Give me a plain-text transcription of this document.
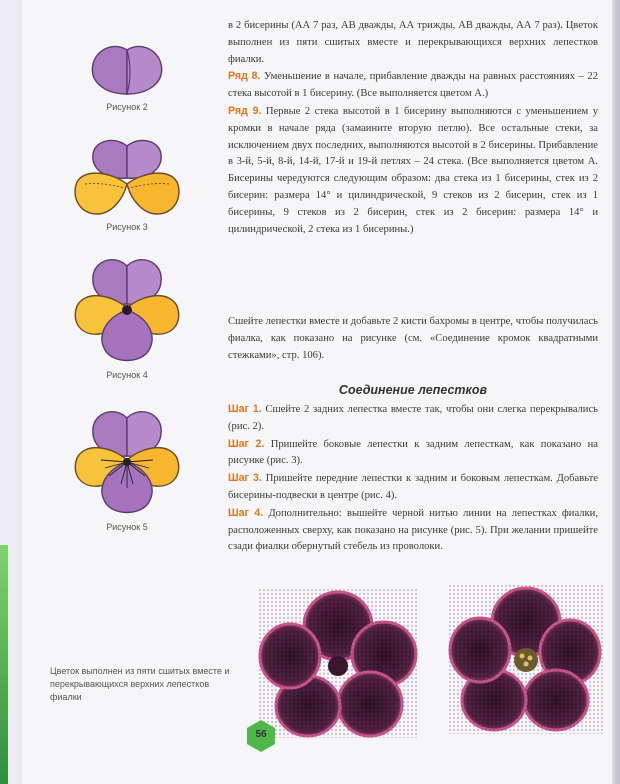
Рисунок 2
Рисунок 3
Рисунок 4
Рисунок 5

в 2 бисерины (АА 7 раз, АВ дважды, АА трижды, АВ дважды, АА 7 раз). Цветок выполнен из пяти сшитых вместе и перекрывающихся верхних лепестков фиалки.

Ряд 8. Уменьшение в начале, прибавление дважды на равных расстояниях – 22 стека высотой в 1 бисерину. (Все выполняется цветом А.)

Ряд 9. Первые 2 стека высотой в 1 бисерину выполняются с уменьшением у кромки в начале ряда (замаините вторую петлю). Все остальные стеки, за исключением двух последних, выполняются высотой в 2 бисерины. Прибавление в 3-й, 5-й, 8-й, 14-й, 17-й и 19-й петлях – 24 стека. (Все выполняется цветом А. Бисерины чередуются следующим образом: два стека из 1 бисерины, стек из 2 бисерин: размера 14° и цилиндрической, 9 стеков из 2 бисерин, стек из 1 бисерины, 9 стеков из 2 бисерин, стек из 2 бисерин: размера 14° и цилиндрической, 2 стека из 1 бисерины.)

Сшейте лепестки вместе и добавьте 2 кисти бахромы в центре, чтобы получилась фиалка, как показано на рисунке (см. «Соединение кромок квадратными стежками», стр. 106).

Соединение лепестков

Шаг 1. Сшейте 2 задних лепестка вместе так, чтобы они слегка перекрывались (рис. 2).

Шаг 2. Пришейте боковые лепестки к задним лепесткам, как показано на рисунке (рис. 3).

Шаг 3. Пришейте передние лепестки к задним и боковым лепесткам. Добавьте бисерины-подвески в центре (рис. 4).

Шаг 4. Дополнительно: вышейте черной нитью линии на лепестках фиалки, расположенных сверху, как показано на рисунке (рис. 5). При желании пришейте сзади фиалки обернутый стебель из проволоки.

Цветок выполнен из пяти сшитых вместе и перекрывающихся верхних лепестков фиалки
56
